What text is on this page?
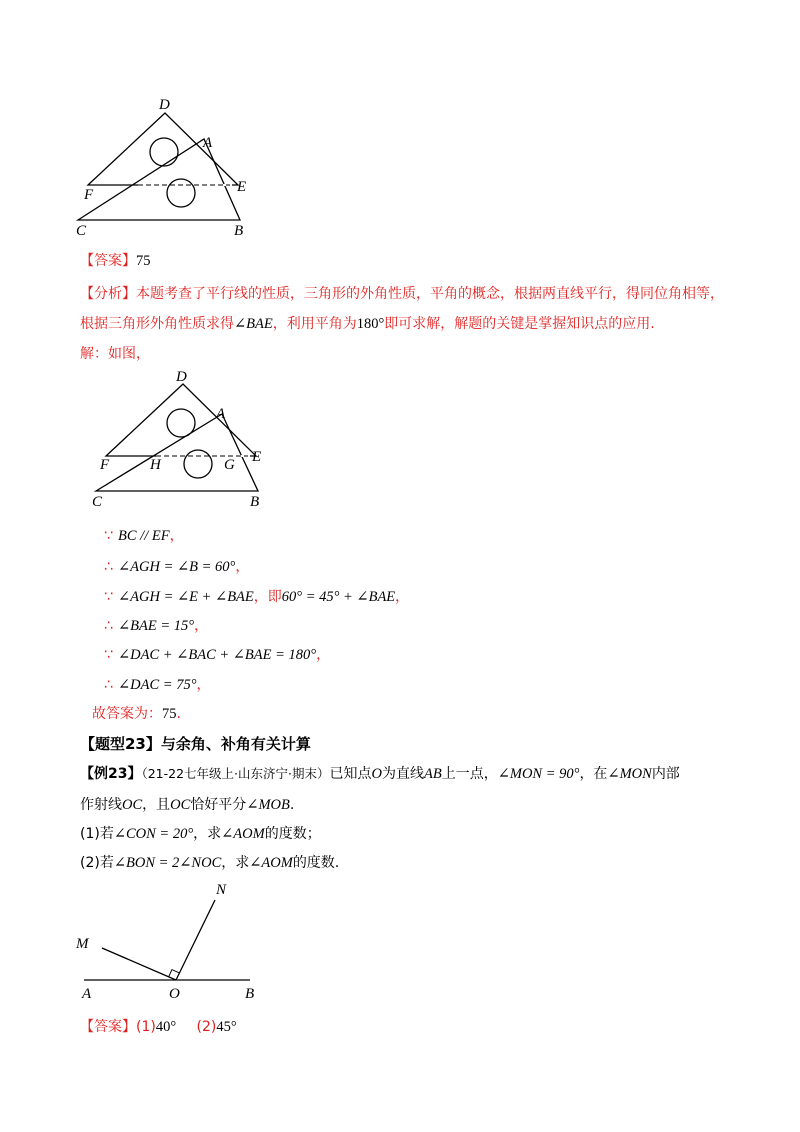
D
A
F	E
C	B
【答案】75
【分析】本题考查了平行线的性质，三角形的外角性质，平角的概念，根据两直线平行，得同位角相等，
根据三角形外角性质求得∠BAE，利用平角为180°即可求解，解题的关键是掌握知识点的应用.
解：如图，
D
A
F	H	G E
C	B
∵ BC // EF，
∴ ∠AGH = ∠B = 60°，
∵ ∠AGH = ∠E + ∠BAE，即60° = 45° + ∠BAE，
∴ ∠BAE = 15°，
∵ ∠DAC + ∠BAC + ∠BAE = 180°，
∴ ∠DAC = 75°，
故答案为：75.
【题型23】与余角、补角有关计算
【例23】（21-22七年级上·山东济宁·期末）已知点O为直线AB上一点，∠MON = 90°，在∠MON内部
作射线OC，且OC恰好平分∠MOB.
(1)若∠CON = 20°，求∠AOM的度数；
(2)若∠BON = 2∠NOC，求∠AOM的度数.
N
M
A	O	B
【答案】(1)40° (2)45°
